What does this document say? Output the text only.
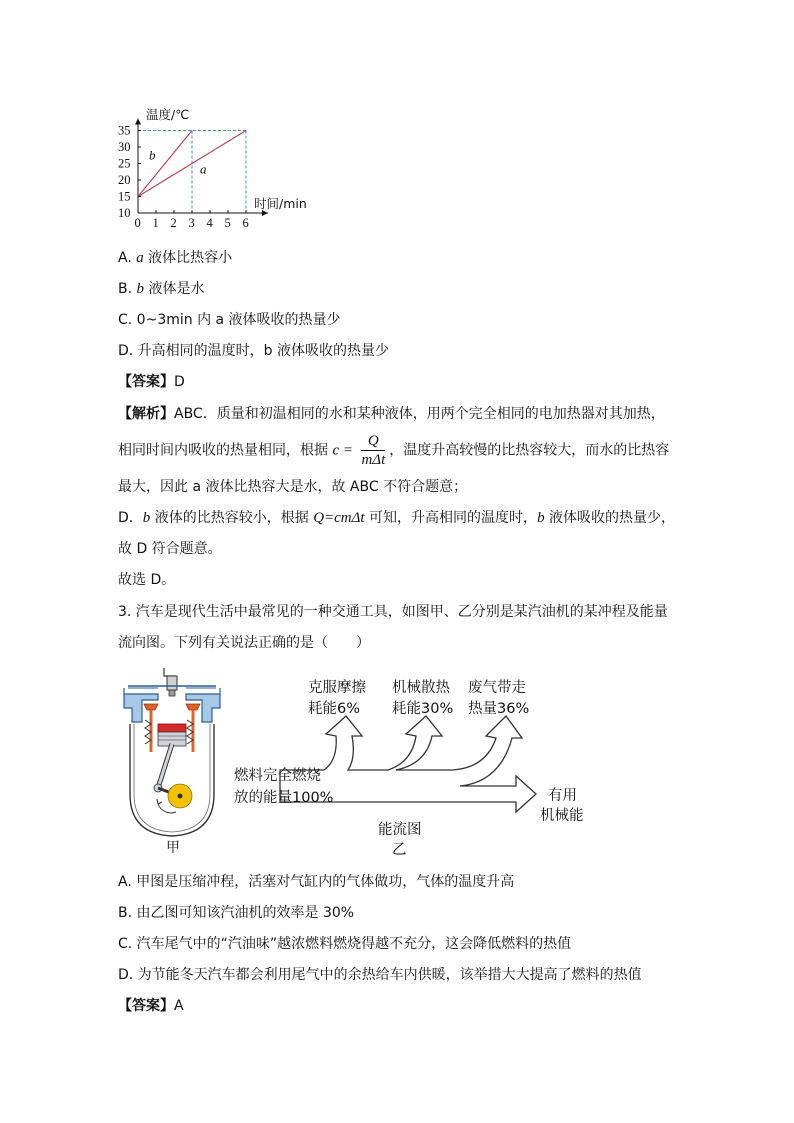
b
a
0 1 2 3 4 5 6
10
15
20
25
30
35
温度/℃
时间/min
A. a 液体比热容小
B. b 液体是水
C. 0~3min 内 a 液体吸收的热量少
D. 升高相同的温度时，b 液体吸收的热量少
【答案】D
【解析】ABC．质量和初温相同的水和某种液体，用两个完全相同的电加热器对其加热，
相同时间内吸收的热量相同，根据 $c = \frac{Q}{\text{mΔt}}$ ，温度升高较慢的比热容较大，而水的比热容
最大，因此 a 液体比热容大是水，故 ABC 不符合题意；
D．b 液体的比热容较小，根据 Q=cmΔt 可知，升高相同的温度时，b 液体吸收的热量少，
故 D 符合题意。
故选 D。
3. 汽车是现代生活中最常见的一种交通工具，如图甲、乙分别是某汽油机的某冲程及能量
流向图。下列有关说法正确的是（　　）
甲
克服摩擦
耗能6%
机械散热
耗能30%
废气带走
热量36%
燃料完全燃烧
放的能量100%	有用
机械能
能流图
乙
A. 甲图是压缩冲程，活塞对气缸内的气体做功，气体的温度升高
B. 由乙图可知该汽油机的效率是 30%
C. 汽车尾气中的“汽油味”越浓燃料燃烧得越不充分，这会降低燃料的热值
D. 为节能冬天汽车都会利用尾气中的余热给车内供暖，该举措大大提高了燃料的热值
【答案】A
